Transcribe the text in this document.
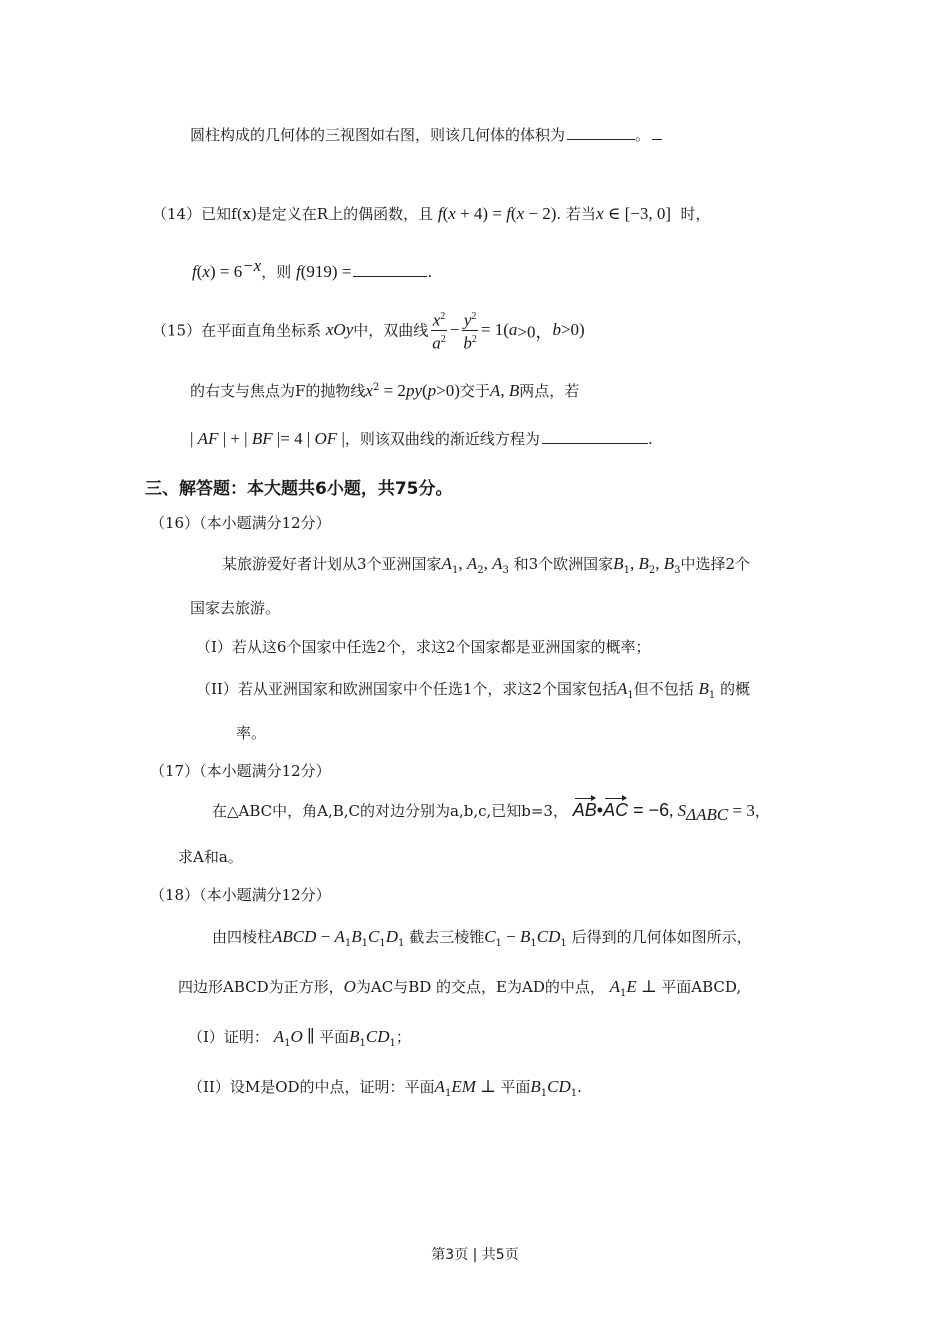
圆柱构成的几何体的三视图如右图，则该几何体的体积为	。
（14）已知f(x)是定义在R上的偶函数，且 f(x + 4) = f(x − 2). 若当x ∈ [−3, 0] 时，
$f(x) = 6^{-x}$，则 f(919) =	.
（15）在平面直角坐标系 xOy中，双曲线 $\frac{x^2}{a^2} - \frac{y^2}{b^2} = 1(a>0$，b>0)
的右支与焦点为F的抛物线$x^2 = 2py(p>0)$交于A, B两点，若
| AF | + | BF |= 4 | OF |，则该双曲线的渐近线方程为	.
三、解答题：本大题共6小题，共75分。
（16）（本小题满分12分）
某旅游爱好者计划从3个亚洲国家$A_1$, $A_2$, $A_3$ 和3个欧洲国家$B_1$, $B_2$, $B_3$中选择2个
国家去旅游。
（I）若从这6个国家中任选2个，求这2个国家都是亚洲国家的概率；
（II）若从亚洲国家和欧洲国家中个任选1个，求这2个国家包括$A_1$但不包括 $B_1$ 的概
率。
（17）（本小题满分12分）
在△ABC中，角A,B,C的对边分别为a,b,c,已知b=3， AB•AC = −6, $S_{\Delta ABC} = 3$，
求A和a。
（18）（本小题满分12分）
由四棱柱ABCD − $A_1B_1C_1D_1$ 截去三棱锥$C_1 - B_1CD_1$ 后得到的几何体如图所示，
四边形ABCD为正方形，O为AC与BD 的交点，E为AD的中点， $A_1E$ ⊥ 平面ABCD,
（I）证明： $A_1O$ ∥ 平面$B_1CD_1$；
（II）设M是OD的中点，证明：平面$A_1EM$ ⊥ 平面$B_1CD_1$.
第3页 | 共5页
